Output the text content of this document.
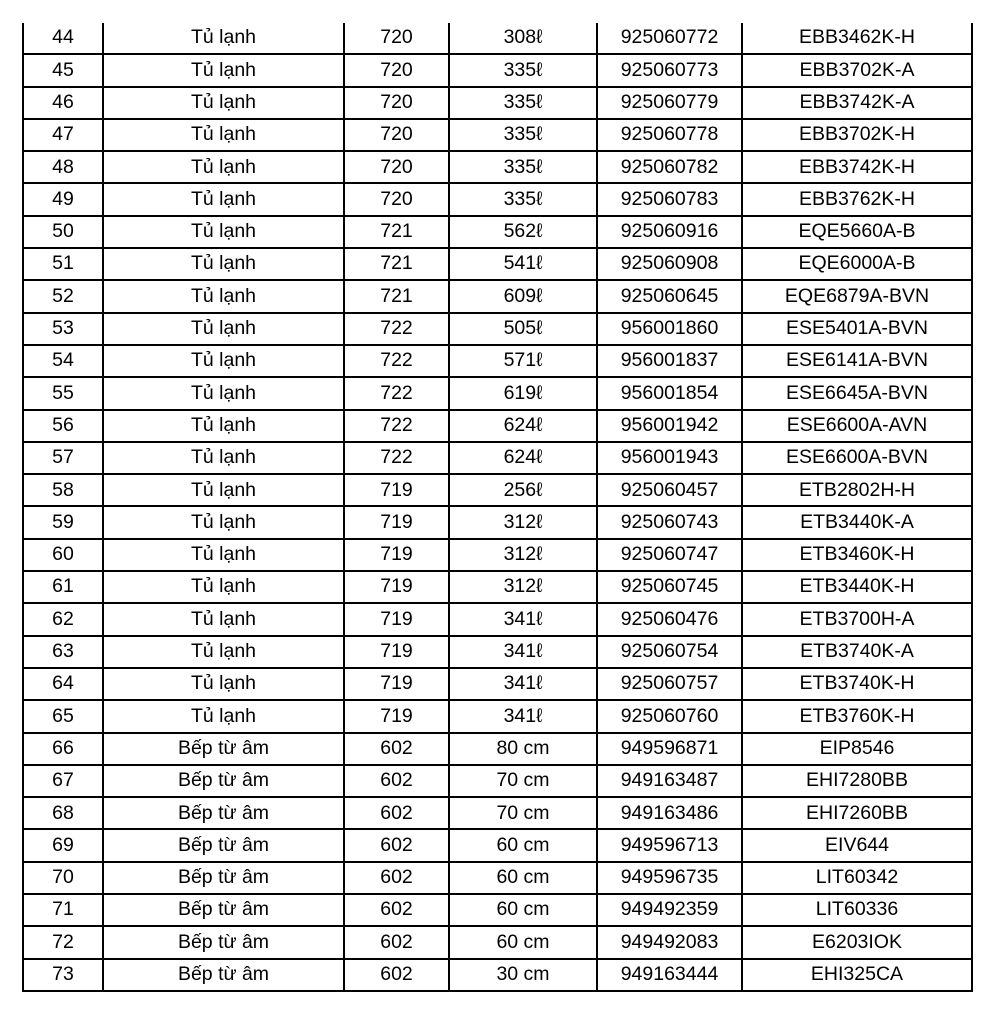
44	Tủ lạnh	720	308ℓ	925060772	EBB3462K-H
45	Tủ lạnh	720	335ℓ	925060773	EBB3702K-A
46	Tủ lạnh	720	335ℓ	925060779	EBB3742K-A
47	Tủ lạnh	720	335ℓ	925060778	EBB3702K-H
48	Tủ lạnh	720	335ℓ	925060782	EBB3742K-H
49	Tủ lạnh	720	335ℓ	925060783	EBB3762K-H
50	Tủ lạnh	721	562ℓ	925060916	EQE5660A-B
51	Tủ lạnh	721	541ℓ	925060908	EQE6000A-B
52	Tủ lạnh	721	609ℓ	925060645	EQE6879A-BVN
53	Tủ lạnh	722	505ℓ	956001860	ESE5401A-BVN
54	Tủ lạnh	722	571ℓ	956001837	ESE6141A-BVN
55	Tủ lạnh	722	619ℓ	956001854	ESE6645A-BVN
56	Tủ lạnh	722	624ℓ	956001942	ESE6600A-AVN
57	Tủ lạnh	722	624ℓ	956001943	ESE6600A-BVN
58	Tủ lạnh	719	256ℓ	925060457	ETB2802H-H
59	Tủ lạnh	719	312ℓ	925060743	ETB3440K-A
60	Tủ lạnh	719	312ℓ	925060747	ETB3460K-H
61	Tủ lạnh	719	312ℓ	925060745	ETB3440K-H
62	Tủ lạnh	719	341ℓ	925060476	ETB3700H-A
63	Tủ lạnh	719	341ℓ	925060754	ETB3740K-A
64	Tủ lạnh	719	341ℓ	925060757	ETB3740K-H
65	Tủ lạnh	719	341ℓ	925060760	ETB3760K-H
66	Bếp từ âm	602	80 cm	949596871	EIP8546
67	Bếp từ âm	602	70 cm	949163487	EHI7280BB
68	Bếp từ âm	602	70 cm	949163486	EHI7260BB
69	Bếp từ âm	602	60 cm	949596713	EIV644
70	Bếp từ âm	602	60 cm	949596735	LIT60342
71	Bếp từ âm	602	60 cm	949492359	LIT60336
72	Bếp từ âm	602	60 cm	949492083	E6203IOK
73	Bếp từ âm	602	30 cm	949163444	EHI325CA
